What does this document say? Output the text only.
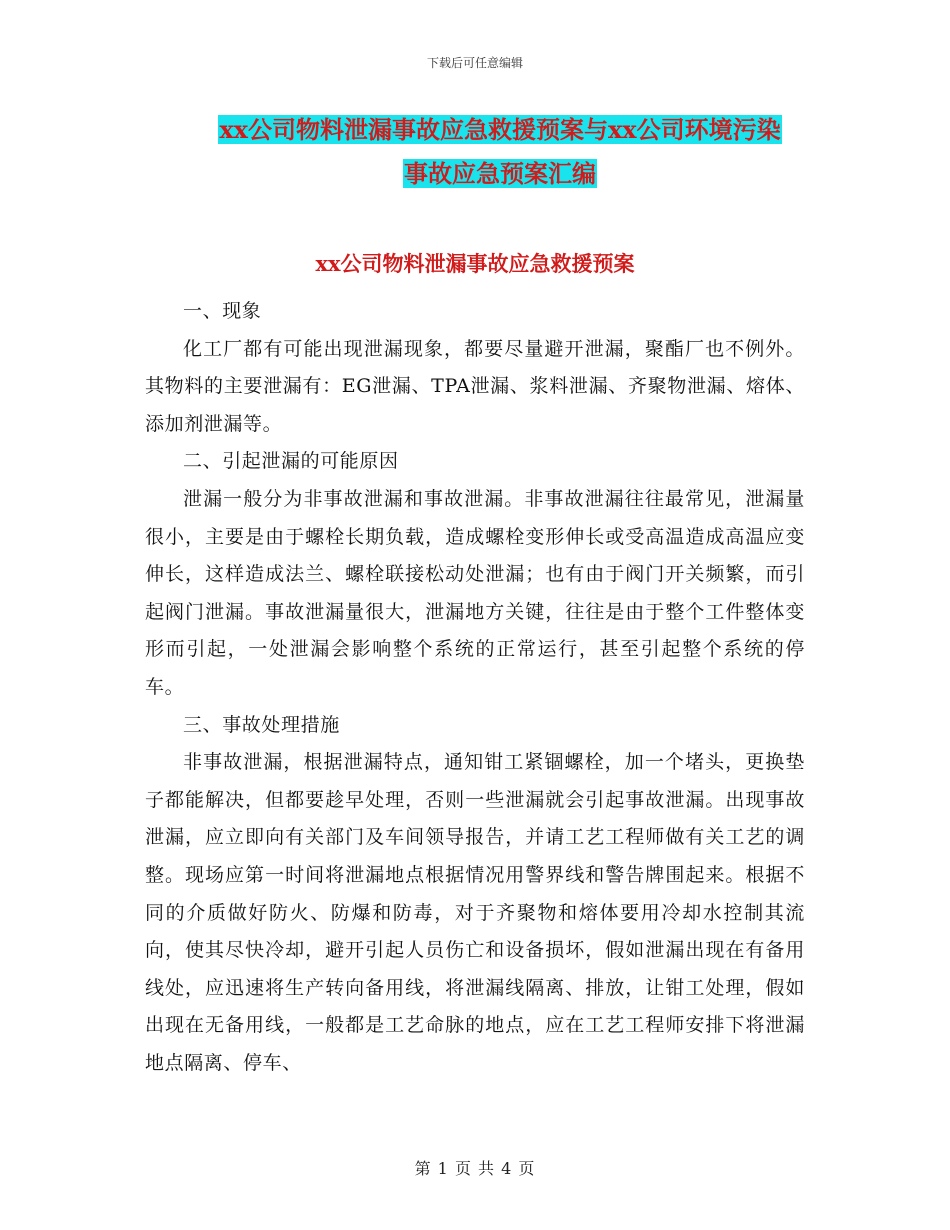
下载后可任意编辑
xx公司物料泄漏事故应急救援预案与xx公司环境污染
事故应急预案汇编
xx公司物料泄漏事故应急救援预案

一、现象

化工厂都有可能出现泄漏现象，都要尽量避开泄漏，聚酯厂也不例外。其物料的主要泄漏有：EG泄漏、TPA泄漏、浆料泄漏、齐聚物泄漏、熔体、添加剂泄漏等。

二、引起泄漏的可能原因

泄漏一般分为非事故泄漏和事故泄漏。非事故泄漏往往最常见，泄漏量很小，主要是由于螺栓长期负载，造成螺栓变形伸长或受高温造成高温应变伸长，这样造成法兰、螺栓联接松动处泄漏；也有由于阀门开关频繁，而引起阀门泄漏。事故泄漏量很大，泄漏地方关键，往往是由于整个工件整体变形而引起，一处泄漏会影响整个系统的正常运行，甚至引起整个系统的停车。

三、事故处理措施

非事故泄漏，根据泄漏特点，通知钳工紧锢螺栓，加一个堵头，更换垫子都能解决，但都要趁早处理，否则一些泄漏就会引起事故泄漏。出现事故泄漏，应立即向有关部门及车间领导报告，并请工艺工程师做有关工艺的调整。现场应第一时间将泄漏地点根据情况用警界线和警告牌围起来。根据不同的介质做好防火、防爆和防毒，对于齐聚物和熔体要用冷却水控制其流向，使其尽快冷却，避开引起人员伤亡和设备损坏，假如泄漏出现在有备用线处，应迅速将生产转向备用线，将泄漏线隔离、排放，让钳工处理，假如出现在无备用线，一般都是工艺命脉的地点，应在工艺工程师安排下将泄漏地点隔离、停车、

第 1 页 共 4 页
